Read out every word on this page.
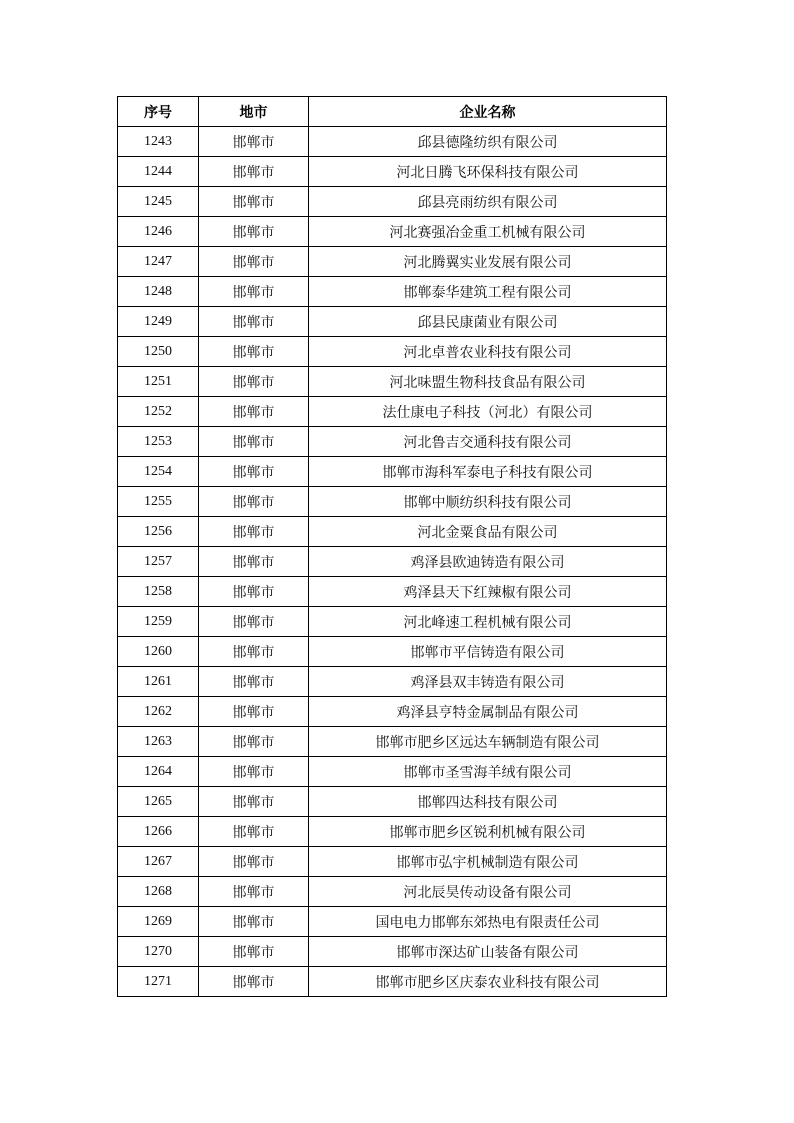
序号	地市	企业名称
1243	邯郸市	邱县德隆纺织有限公司
1244	邯郸市	河北日腾飞环保科技有限公司
1245	邯郸市	邱县亮雨纺织有限公司
1246	邯郸市	河北赛强冶金重工机械有限公司
1247	邯郸市	河北腾翼实业发展有限公司
1248	邯郸市	邯郸泰华建筑工程有限公司
1249	邯郸市	邱县民康菌业有限公司
1250	邯郸市	河北卓普农业科技有限公司
1251	邯郸市	河北味盟生物科技食品有限公司
1252	邯郸市	法仕康电子科技（河北）有限公司
1253	邯郸市	河北鲁吉交通科技有限公司
1254	邯郸市	邯郸市海科军泰电子科技有限公司
1255	邯郸市	邯郸中顺纺织科技有限公司
1256	邯郸市	河北金粟食品有限公司
1257	邯郸市	鸡泽县欧迪铸造有限公司
1258	邯郸市	鸡泽县天下红辣椒有限公司
1259	邯郸市	河北峰速工程机械有限公司
1260	邯郸市	邯郸市平信铸造有限公司
1261	邯郸市	鸡泽县双丰铸造有限公司
1262	邯郸市	鸡泽县亨特金属制品有限公司
1263	邯郸市	邯郸市肥乡区远达车辆制造有限公司
1264	邯郸市	邯郸市圣雪海羊绒有限公司
1265	邯郸市	邯郸四达科技有限公司
1266	邯郸市	邯郸市肥乡区锐利机械有限公司
1267	邯郸市	邯郸市弘宇机械制造有限公司
1268	邯郸市	河北辰昊传动设备有限公司
1269	邯郸市	国电电力邯郸东郊热电有限责任公司
1270	邯郸市	邯郸市深达矿山装备有限公司
1271	邯郸市	邯郸市肥乡区庆泰农业科技有限公司
